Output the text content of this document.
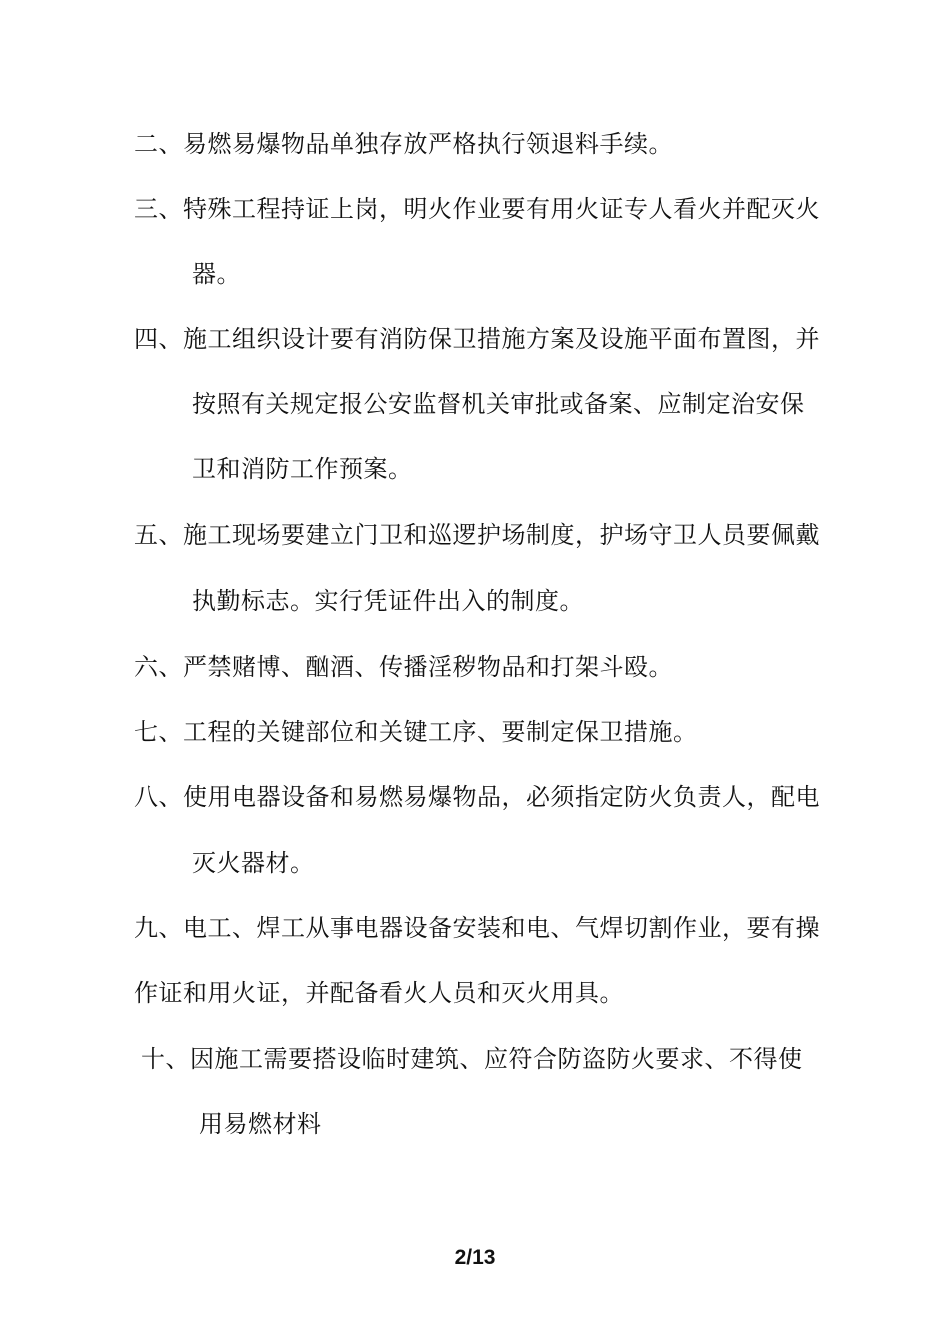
二、易燃易爆物品单独存放严格执行领退料手续。
三、特殊工程持证上岗，明火作业要有用火证专人看火并配灭火
器。
四、施工组织设计要有消防保卫措施方案及设施平面布置图，并
按照有关规定报公安监督机关审批或备案、应制定治安保
卫和消防工作预案。
五、施工现场要建立门卫和巡逻护场制度，护场守卫人员要佩戴
执勤标志。实行凭证件出入的制度。
六、严禁赌博、酗酒、传播淫秽物品和打架斗殴。
七、工程的关键部位和关键工序、要制定保卫措施。
八、使用电器设备和易燃易爆物品，必须指定防火负责人，配电
灭火器材。
九、电工、焊工从事电器设备安装和电、气焊切割作业，要有操
作证和用火证，并配备看火人员和灭火用具。
十、因施工需要搭设临时建筑、应符合防盗防火要求、不得使
用易燃材料
2/13
